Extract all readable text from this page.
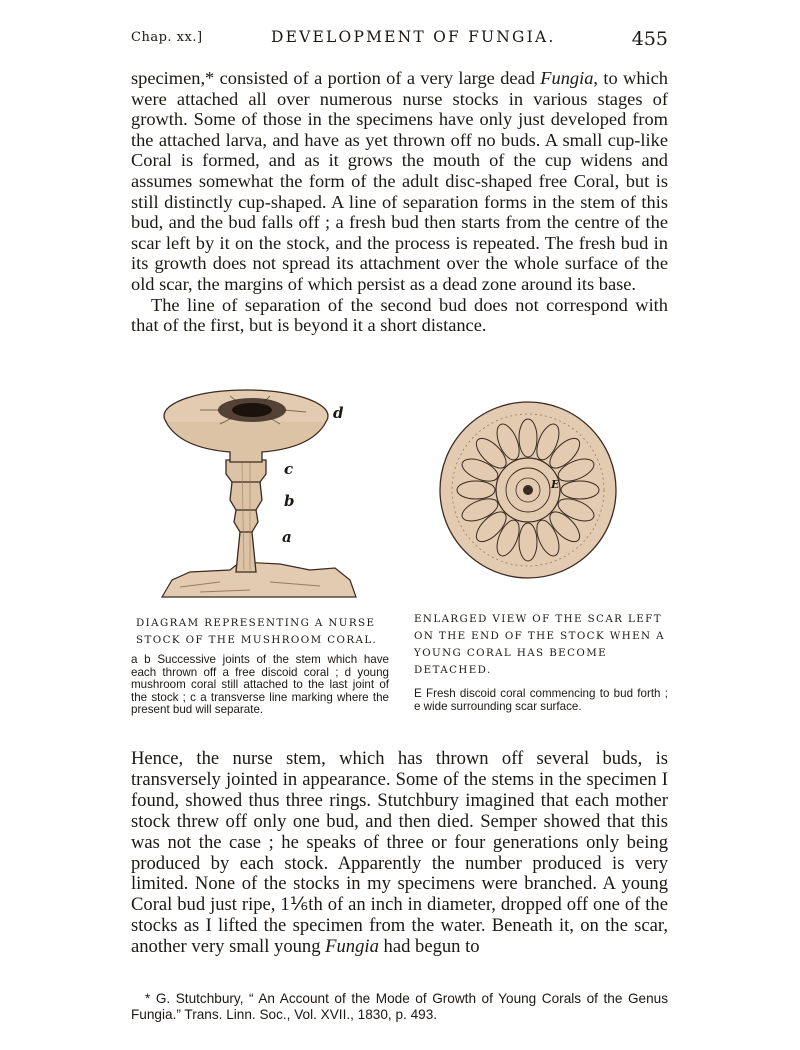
Chap. xx.]	DEVELOPMENT OF FUNGIA.	455

specimen,* consisted of a portion of a very large dead Fungia, to which were attached all over numerous nurse stocks in various stages of growth. Some of those in the specimens have only just developed from the attached larva, and have as yet thrown off no buds. A small cup-like Coral is formed, and as it grows the mouth of the cup widens and assumes somewhat the form of the adult disc-shaped free Coral, but is still distinctly cup-shaped. A line of separation forms in the stem of this bud, and the bud falls off ; a fresh bud then starts from the centre of the scar left by it on the stock, and the process is repeated. The fresh bud in its growth does not spread its attachment over the whole surface of the old scar, the margins of which persist as a dead zone around its base.

The line of separation of the second bud does not correspond with that of the first, but is beyond it a short distance.

d
c
b
a
E
DIAGRAM REPRESENTING A NURSE STOCK OF THE MUSHROOM CORAL.
a b Successive joints of the stem which have each thrown off a free discoid coral ; d young mushroom coral still attached to the last joint of the stock ; c a transverse line marking where the present bud will separate.
ENLARGED VIEW OF THE SCAR LEFT ON THE END OF THE STOCK WHEN A YOUNG CORAL HAS BECOME DETACHED.
E Fresh discoid coral commencing to bud forth ; e wide surrounding scar surface.

Hence, the nurse stem, which has thrown off several buds, is transversely jointed in appearance. Some of the stems in the specimen I found, showed thus three rings. Stutchbury imagined that each mother stock threw off only one bud, and then died. Semper showed that this was not the case ; he speaks of three or four generations only being produced by each stock. Apparently the number produced is very limited. None of the stocks in my specimens were branched. A young Coral bud just ripe, 1⅙th of an inch in diameter, dropped off one of the stocks as I lifted the specimen from the water. Beneath it, on the scar, another very small young Fungia had begun to

* G. Stutchbury, “ An Account of the Mode of Growth of Young Corals of the Genus Fungia.” Trans. Linn. Soc., Vol. XVII., 1830, p. 493.
